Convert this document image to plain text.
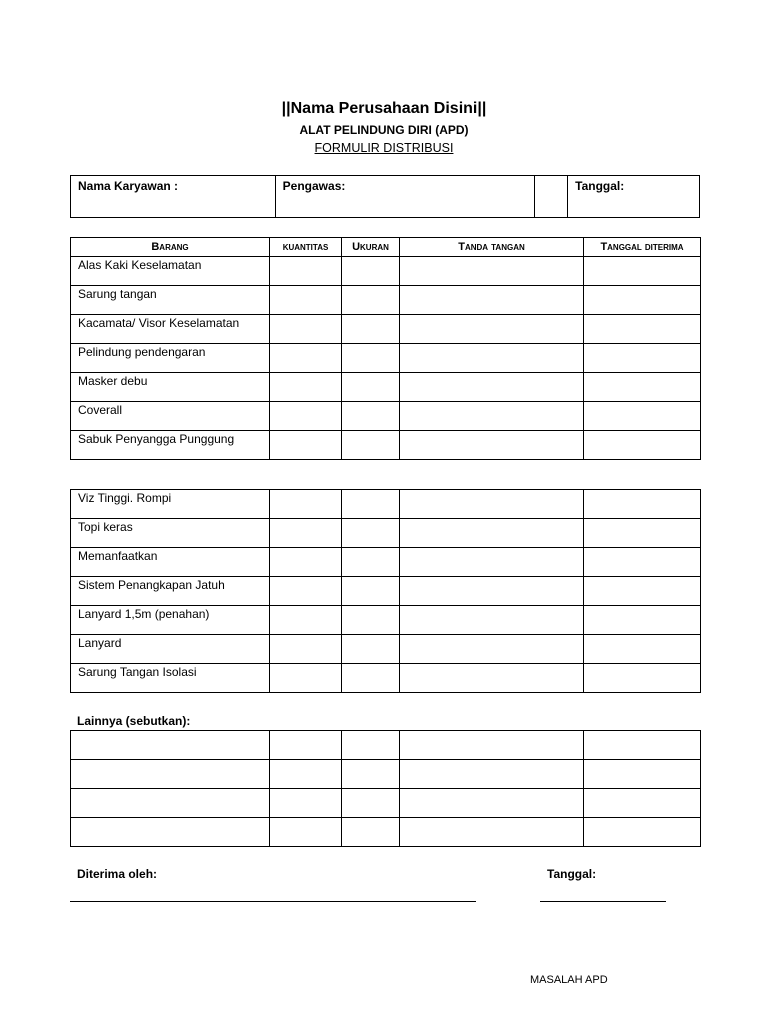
||Nama Perusahaan Disini||
ALAT PELINDUNG DIRI (APD)
FORMULIR DISTRIBUSI
Nama Karyawan :	Pengawas:		Tanggal:
Barang	kuantitas	Ukuran	Tanda tangan	Tanggal diterima
Alas Kaki Keselamatan				
Sarung tangan				
Kacamata/ Visor Keselamatan				
Pelindung pendengaran				
Masker debu				
Coverall				
Sabuk Penyangga Punggung				
Viz Tinggi. Rompi				
Topi keras				
Memanfaatkan				
Sistem Penangkapan Jatuh				
Lanyard 1,5m (penahan)				
Lanyard				
Sarung Tangan Isolasi				
Lainnya (sebutkan):

Diterima oleh:	Tanggal:
MASALAH APD
